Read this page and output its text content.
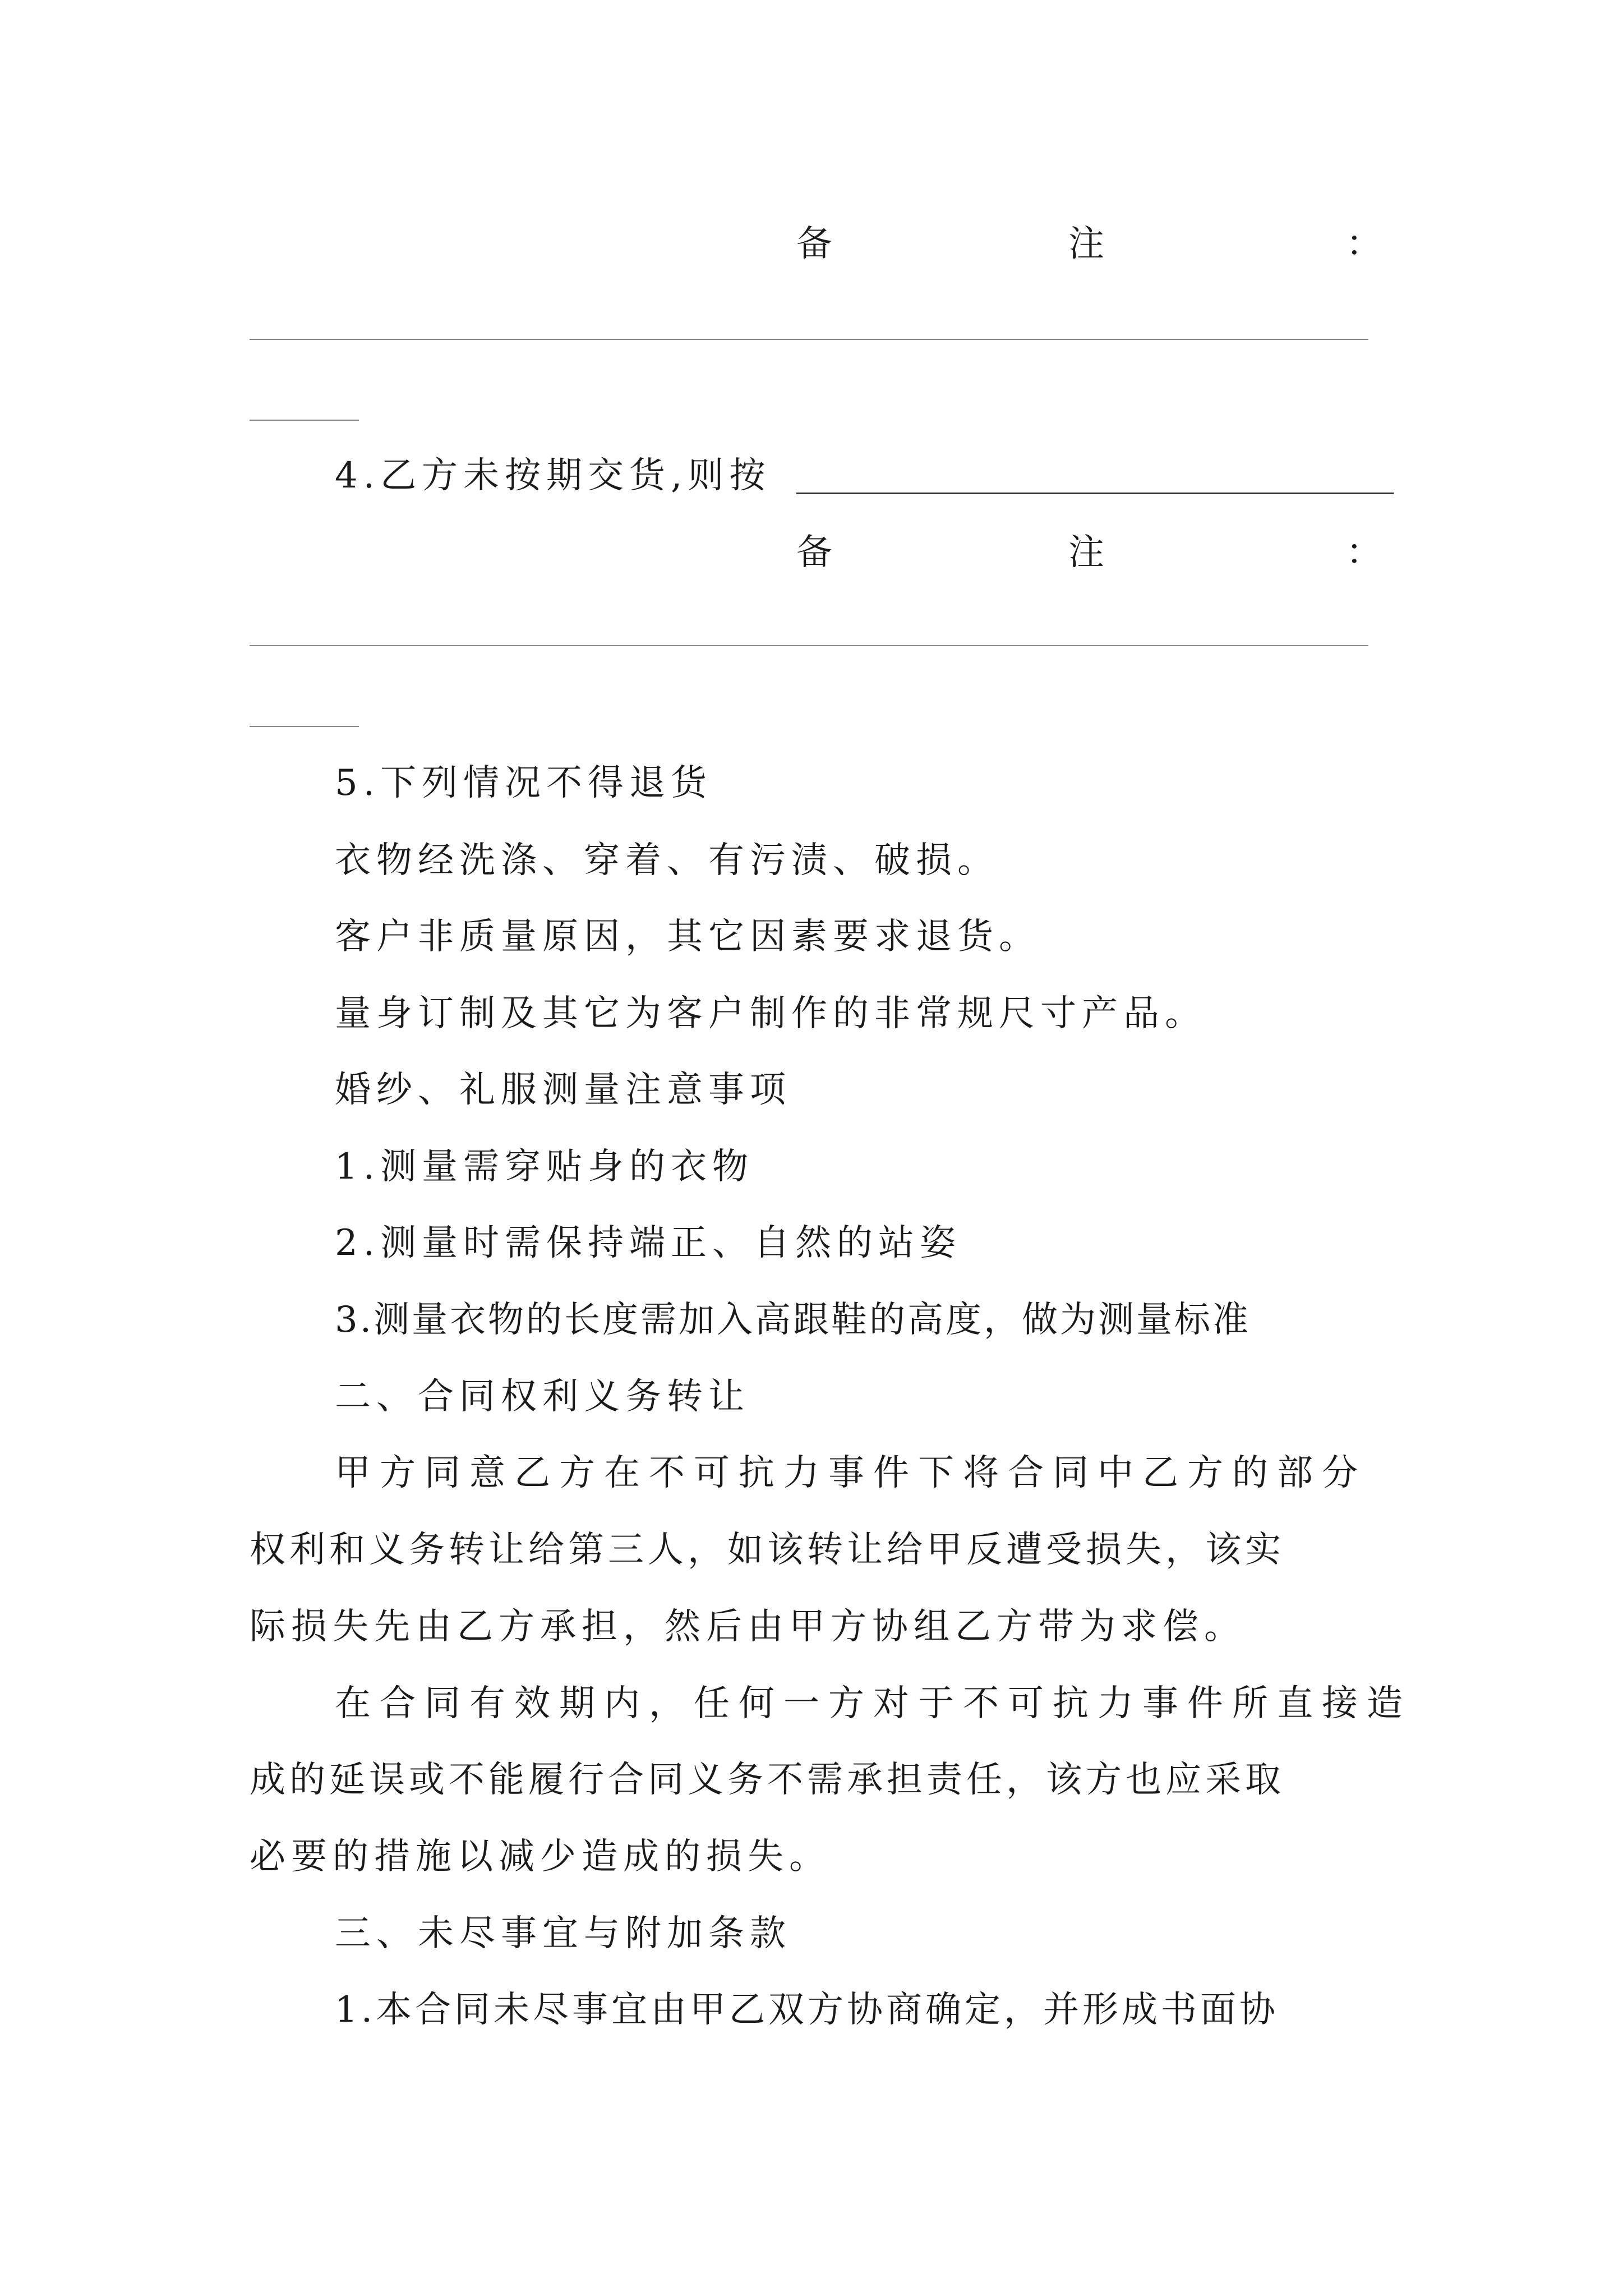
备	注	：
4.乙方未按期交货,则按
备	注	：
5.下列情况不得退货
衣物经洗涤、穿着、有污渍、破损。
客户非质量原因，其它因素要求退货。
量身订制及其它为客户制作的非常规尺寸产品。
婚纱、礼服测量注意事项
1.测量需穿贴身的衣物
2.测量时需保持端正、自然的站姿
3.测量衣物的长度需加入高跟鞋的高度，做为测量标准
二、合同权利义务转让
甲方同意乙方在不可抗力事件下将合同中乙方的部分
权利和义务转让给第三人，如该转让给甲反遭受损失，该实
际损失先由乙方承担，然后由甲方协组乙方带为求偿。
在合同有效期内，任何一方对于不可抗力事件所直接造
成的延误或不能履行合同义务不需承担责任，该方也应采取
必要的措施以减少造成的损失。
三、未尽事宜与附加条款
1.本合同未尽事宜由甲乙双方协商确定，并形成书面协
